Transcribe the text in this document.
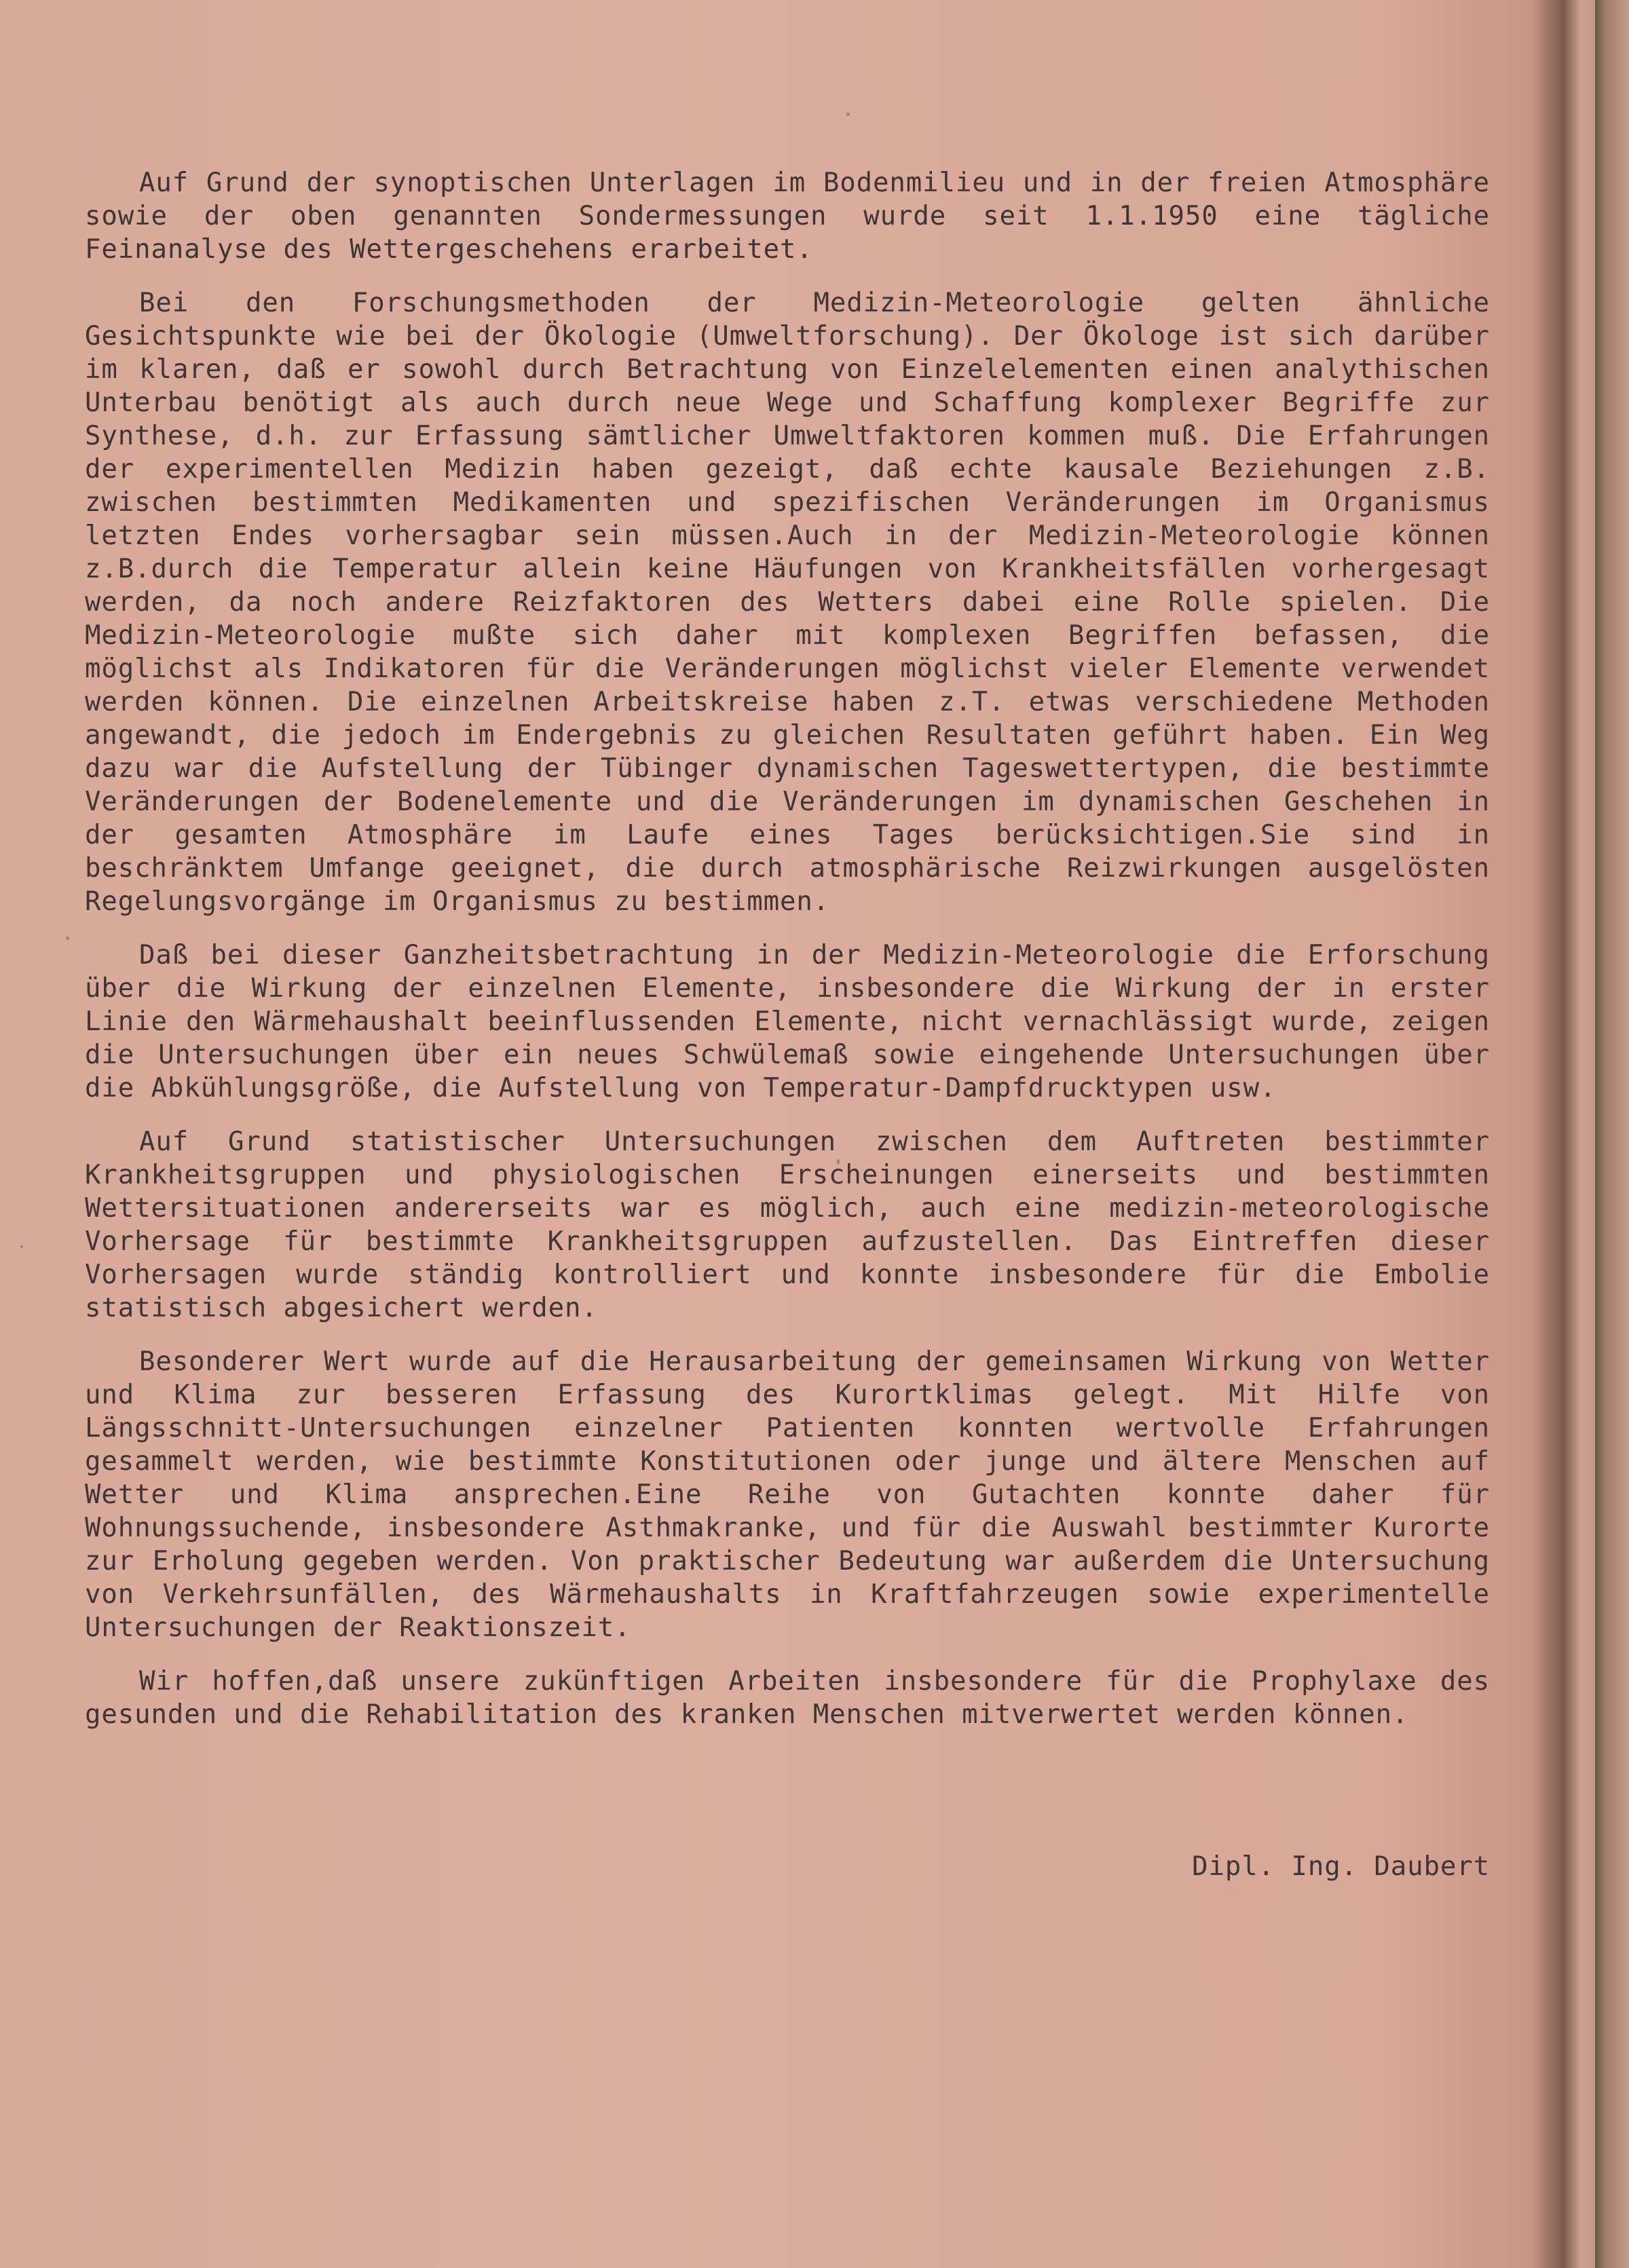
Auf Grund der synoptischen Unterlagen im Bodenmilieu und in der freien Atmosphäre sowie der oben genannten Sondermessungen wurde seit 1.1.1950 eine tägliche Feinanalyse des Wettergeschehens erarbeitet.

Bei den Forschungsmethoden der Medizin-Meteorologie gelten ähnliche Gesichtspunkte wie bei der Ökologie (Umweltforschung). Der Ökologe ist sich darüber im klaren, daß er sowohl durch Betrachtung von Einzelelementen einen analythischen Unterbau benötigt als auch durch neue Wege und Schaffung komplexer Begriffe zur Synthese, d.h. zur Erfassung sämtlicher Umweltfaktoren kommen muß. Die Erfahrungen der experimentellen Medizin haben gezeigt, daß echte kausale Beziehungen z.B. zwischen bestimmten Medikamenten und spezifischen Veränderungen im Organismus letzten Endes vorhersagbar sein müssen.Auch in der Medizin-Meteorologie können z.B.durch die Temperatur allein keine Häufungen von Krankheitsfällen vorhergesagt werden, da noch andere Reizfaktoren des Wetters dabei eine Rolle spielen. Die Medizin-Meteorologie mußte sich daher mit komplexen Begriffen befassen, die möglichst als Indikatoren für die Veränderungen möglichst vieler Elemente verwendet werden können. Die einzelnen Arbeitskreise haben z.T. etwas verschiedene Methoden angewandt, die jedoch im Endergebnis zu gleichen Resultaten geführt haben. Ein Weg dazu war die Aufstellung der Tübinger dynamischen Tageswettertypen, die bestimmte Veränderungen der Bodenelemente und die Veränderungen im dynamischen Geschehen in der gesamten Atmosphäre im Laufe eines Tages berücksichtigen.Sie sind in beschränktem Umfange geeignet, die durch atmosphärische Reizwirkungen ausgelösten Regelungsvorgänge im Organismus zu bestimmen.

Daß bei dieser Ganzheitsbetrachtung in der Medizin-Meteorologie die Erforschung über die Wirkung der einzelnen Elemente, insbesondere die Wirkung der in erster Linie den Wärmehaushalt beeinflussenden Elemente, nicht vernachlässigt wurde, zeigen die Untersuchungen über ein neues Schwülemaß sowie eingehende Untersuchungen über die Abkühlungsgröße, die Aufstellung von Temperatur-Dampfdrucktypen usw.

Auf Grund statistischer Untersuchungen zwischen dem Auftreten bestimmter Krankheitsgruppen und physiologischen Erscheinungen einerseits und bestimmten Wettersituationen andererseits war es möglich, auch eine medizin-meteorologische Vorhersage für bestimmte Krankheitsgruppen aufzustellen. Das Eintreffen dieser Vorhersagen wurde ständig kontrolliert und konnte insbesondere für die Embolie statistisch abgesichert werden.

Besonderer Wert wurde auf die Herausarbeitung der gemeinsamen Wirkung von Wetter und Klima zur besseren Erfassung des Kurortklimas gelegt. Mit Hilfe von Längsschnitt-Untersuchungen einzelner Patienten konnten wertvolle Erfahrungen gesammelt werden, wie bestimmte Konstitutionen oder junge und ältere Menschen auf Wetter und Klima ansprechen.Eine Reihe von Gutachten konnte daher für Wohnungssuchende, insbesondere Asthmakranke, und für die Auswahl bestimmter Kurorte zur Erholung gegeben werden. Von praktischer Bedeutung war außerdem die Untersuchung von Verkehrsunfällen, des Wärmehaushalts in Kraftfahrzeugen sowie experimentelle Untersuchungen der Reaktionszeit.

Wir hoffen,daß unsere zukünftigen Arbeiten insbesondere für die Prophylaxe des gesunden und die Rehabilitation des kranken Menschen mitverwertet werden können.

Dipl. Ing. Daubert
